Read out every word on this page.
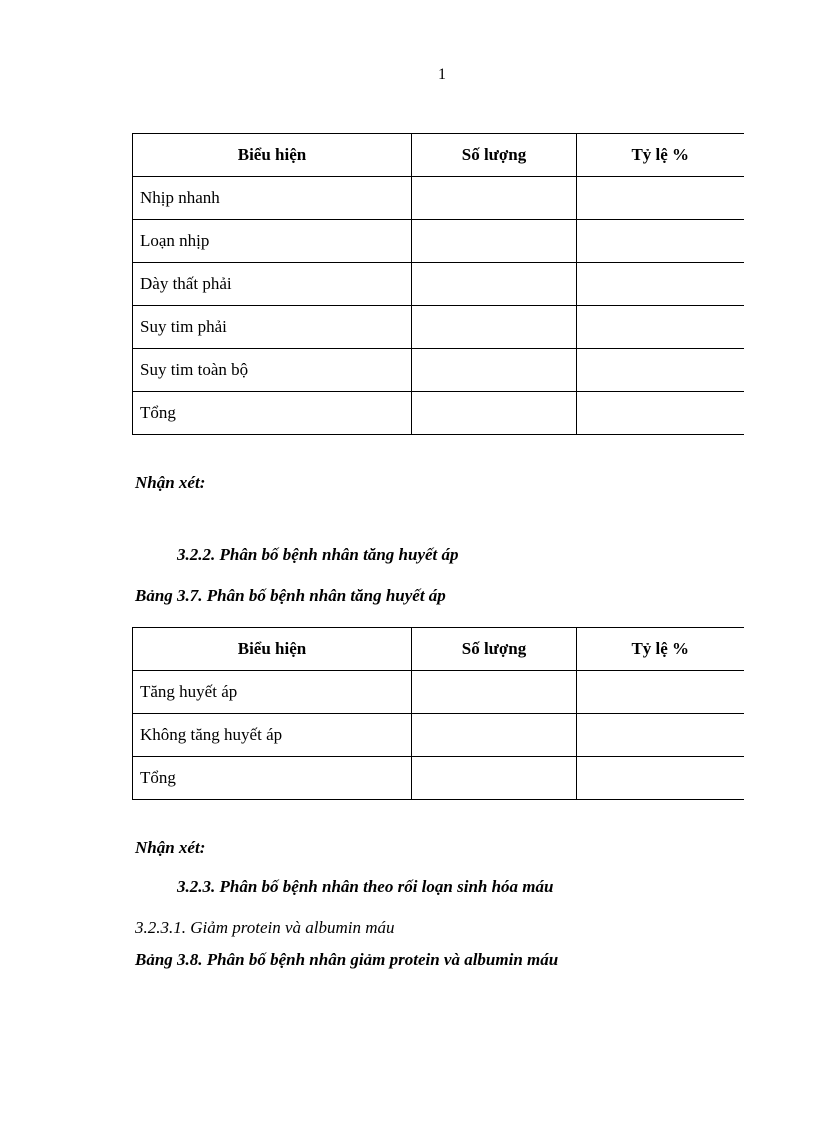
1
Biểu hiện	Số lượng	Tỷ lệ %
Nhịp nhanh		
Loạn nhịp		
Dày thất phải		
Suy tim phải		
Suy tim toàn bộ		
Tổng		
Nhận xét:
3.2.2. Phân bố bệnh nhân tăng huyết áp
Bảng 3.7. Phân bố bệnh nhân tăng huyết áp
Biểu hiện	Số lượng	Tỷ lệ %
Tăng huyết áp		
Không tăng huyết áp		
Tổng		
Nhận xét:
3.2.3. Phân bố bệnh nhân theo rối loạn sinh hóa máu
3.2.3.1. Giảm protein và albumin máu
Bảng 3.8. Phân bố bệnh nhân giảm protein và albumin máu
